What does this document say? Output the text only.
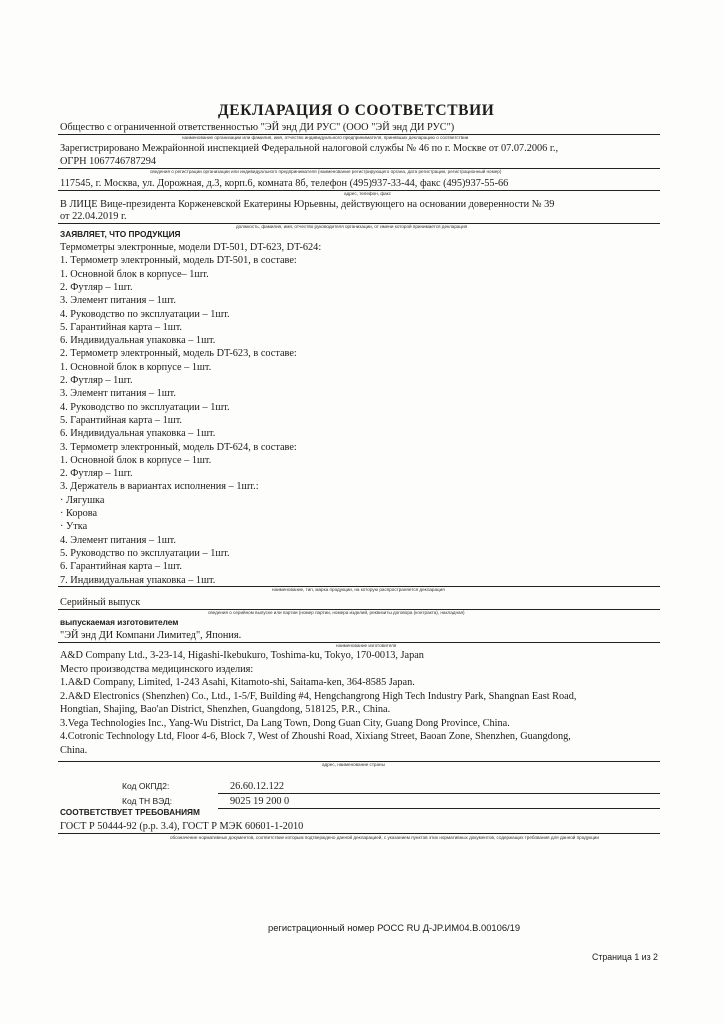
ДЕКЛАРАЦИЯ О СООТВЕТСТВИИ
Общество с ограниченной ответственностью "ЭЙ энд ДИ РУС" (ООО "ЭЙ энд ДИ РУС")
наименование организации или фамилия, имя, отчество индивидуального предпринимателя, принявших декларацию о соответствии
Зарегистрировано Межрайонной инспекцией Федеральной налоговой службы № 46 по г. Москве от 07.07.2006 г.,
ОГРН 1067746787294
сведения о регистрации организации или индивидуального предпринимателя (наименование регистрирующего органа, дата регистрации, регистрационный номер)
117545, г. Москва, ул. Дорожная, д.3, корп.6, комната 8б, телефон (495)937-33-44, факс (495)937-55-66
адрес, телефон, факс
В ЛИЦЕ Вице-президента Корженевской Екатерины Юрьевны, действующего на основании доверенности № 39
от 22.04.2019 г.
должность, фамилия, имя, отчество руководителя организации, от имени которой принимается декларация
ЗАЯВЛЯЕТ, ЧТО ПРОДУКЦИЯ
Термометры электронные, модели DT-501, DT-623, DT-624:
1. Термометр электронный, модель DT-501, в составе:
1. Основной блок в корпусе– 1шт.
2. Футляр – 1шт.
3. Элемент питания – 1шт.
4. Руководство по эксплуатации – 1шт.
5. Гарантийная карта – 1шт.
6. Индивидуальная упаковка – 1шт.
2. Термометр электронный, модель DT-623, в составе:
1. Основной блок в корпусе – 1шт.
2. Футляр – 1шт.
3. Элемент питания – 1шт.
4. Руководство по эксплуатации – 1шт.
5. Гарантийная карта – 1шт.
6. Индивидуальная упаковка – 1шт.
3. Термометр электронный, модель DT-624, в составе:
1. Основной блок в корпусе – 1шт.
2. Футляр – 1шт.
3. Держатель в вариантах исполнения – 1шт.:
· Лягушка
· Корова
· Утка
4. Элемент питания – 1шт.
5. Руководство по эксплуатации – 1шт.
6. Гарантийная карта – 1шт.
7. Индивидуальная упаковка – 1шт.
наименование, тип, марка продукции, на которую распространяется декларация
Серийный выпуск
сведения о серийном выпуске или партии (номер партии, номера изделий, реквизиты договора (контракта), накладная)
выпускаемая изготовителем
"ЭЙ энд ДИ Компани Лимитед", Япония.
наименование изготовителя
A&D Company Ltd., 3-23-14, Higashi-Ikebukuro, Toshima-ku, Tokyo, 170-0013, Japan
Место производства медицинского изделия:
1.A&D Company, Limited, 1-243 Asahi, Kitamoto-shi, Saitama-ken, 364-8585 Japan.
2.A&D Electronics (Shenzhen) Co., Ltd., 1-5/F, Building #4, Hengchangrong High Tech Industry Park, Shangnan East Road,
Hongtian, Shajing, Bao'an District, Shenzhen, Guangdong, 518125, P.R., China.
3.Vega Technologies Inc., Yang-Wu District, Da Lang Town, Dong Guan City, Guang Dong Province, China.
4.Cotronic Technology Ltd, Floor 4-6, Block 7, West of Zhoushi Road, Xixiang Street, Baoan Zone, Shenzhen, Guangdong,
China.
адрес, наименование страны
Код ОКПД2:	26.60.12.122
Код ТН ВЭД:	9025 19 200 0
СООТВЕТСТВУЕТ ТРЕБОВАНИЯМ
ГОСТ Р 50444-92 (р.р. 3.4), ГОСТ Р МЭК 60601-1-2010
обозначение нормативных документов, соответствие которым подтверждено данной декларацией, с указанием пунктов этих нормативных документов, содержащих требования для данной продукции
регистрационный номер РОСС RU Д-JP.ИМ04.В.00106/19
Страница 1 из 2
